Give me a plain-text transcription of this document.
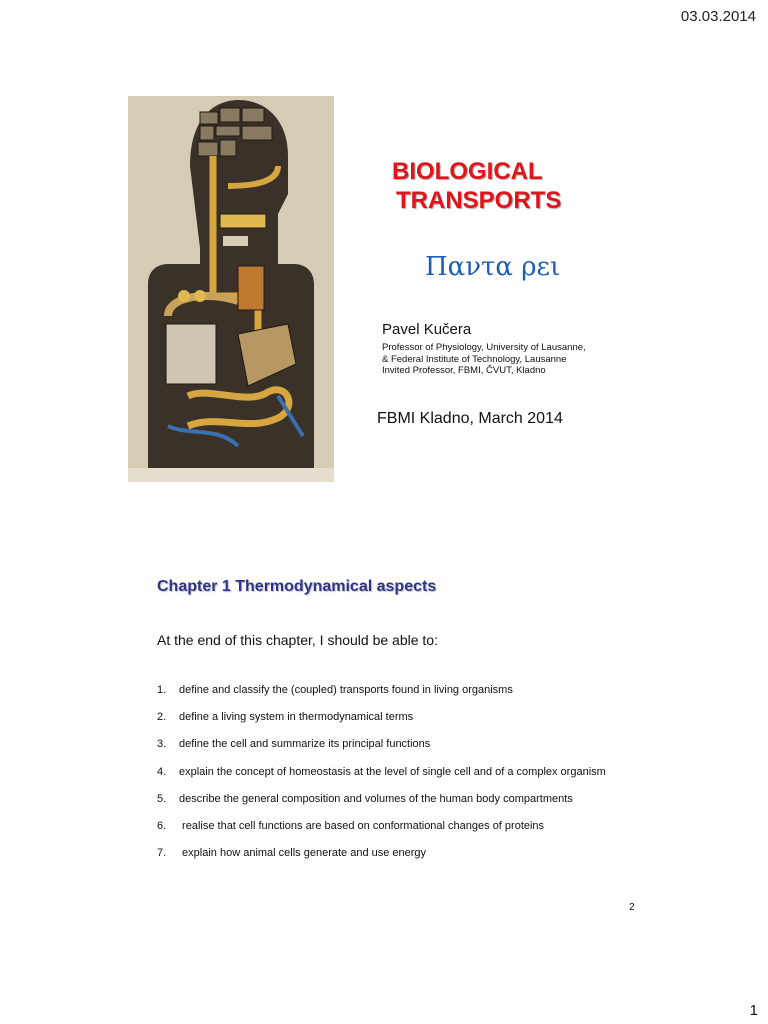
03.03.2014
BIOLOGICAL
TRANSPORTS
Παντα ρει
Pavel Kučera
Professor of Physiology, University of Lausanne,
& Federal Institute of Technology, Lausanne
Invited Professor, FBMI, ČVUT, Kladno
FBMI Kladno, March 2014
Chapter 1 Thermodynamical aspects
At the end of this chapter, I should be able to:
1. define and classify the (coupled) transports found in living organisms
2. define a living system in thermodynamical terms
3. define the cell and summarize its principal functions
4. explain the concept of homeostasis at the level of single cell and of a complex organism
5. describe the general composition and volumes of the human body compartments
6. realise that cell functions are based on conformational changes of proteins
7. explain how animal cells generate and use energy
2
1
